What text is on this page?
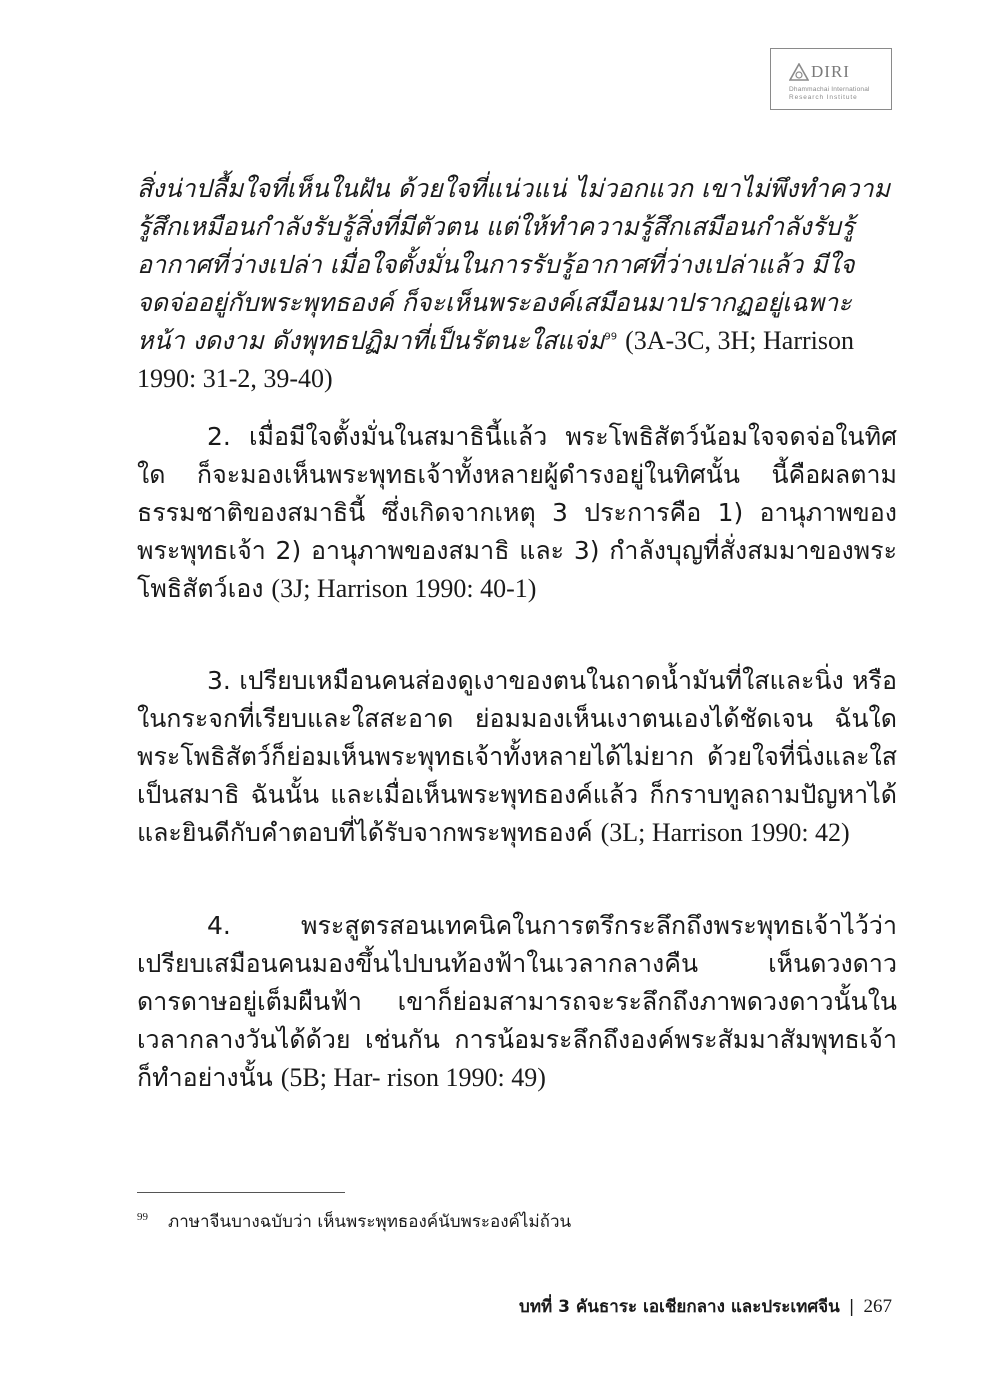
DIRI
Dhammachai International
Research Institute
สิ่งน่าปลื้มใจที่เห็นในฝัน ด้วยใจที่แน่วแน่ ไม่วอกแวก เขาไม่พึงทำความรู้สึกเหมือนกำลังรับรู้สิ่งที่มีตัวตน แต่ให้ทำความรู้สึกเสมือนกำลังรับรู้อากาศที่ว่างเปล่า เมื่อใจตั้งมั่นในการรับรู้อากาศที่ว่างเปล่าแล้ว มีใจจดจ่ออยู่กับพระพุทธองค์ ก็จะเห็นพระองค์เสมือนมาปรากฏอยู่เฉพาะหน้า งดงาม ดังพุทธปฏิมาที่เป็นรัตนะใสแจ่ม$^{99}$ (3A-3C, 3H; Harrison 1990: 31-2, 39-40)
2. เมื่อมีใจตั้งมั่นในสมาธินี้แล้ว พระโพธิสัตว์น้อมใจจดจ่อในทิศใด ก็จะมองเห็นพระพุทธเจ้าทั้งหลายผู้ดำรงอยู่ในทิศนั้น นี้คือผลตามธรรมชาติของสมาธินี้ ซึ่งเกิดจากเหตุ 3 ประการคือ 1) อานุภาพของพระพุทธเจ้า 2) อานุภาพของสมาธิ และ 3) กำลังบุญที่สั่งสมมาของพระโพธิสัตว์เอง (3J; Harrison 1990: 40-1)
3. เปรียบเหมือนคนส่องดูเงาของตนในถาดน้ำมันที่ใสและนิ่ง หรือในกระจกที่เรียบและใสสะอาด ย่อมมองเห็นเงาตนเองได้ชัดเจน ฉันใด พระโพธิสัตว์ก็ย่อมเห็นพระพุทธเจ้าทั้งหลายได้ไม่ยาก ด้วยใจที่นิ่งและใส เป็นสมาธิ ฉันนั้น และเมื่อเห็นพระพุทธองค์แล้ว ก็กราบทูลถามปัญหาได้ และยินดีกับคำตอบที่ได้รับจากพระพุทธองค์ (3L; Harrison 1990: 42)
4. พระสูตรสอนเทคนิคในการตรึกระลึกถึงพระพุทธเจ้าไว้ว่า เปรียบเสมือนคนมองขึ้นไปบนท้องฟ้าในเวลากลางคืน เห็นดวงดาวดารดาษอยู่เต็มผืนฟ้า เขาก็ย่อมสามารถจะระลึกถึงภาพดวงดาวนั้นในเวลากลางวันได้ด้วย เช่นกัน การน้อมระลึกถึงองค์พระสัมมาสัมพุทธเจ้าก็ทำอย่างนั้น (5B; Har- rison 1990: 49)
$^{99}$ ภาษาจีนบางฉบับว่า เห็นพระพุทธองค์นับพระองค์ไม่ถ้วน
บทที่ 3 คันธาระ เอเชียกลาง และประเทศจีน | 267
